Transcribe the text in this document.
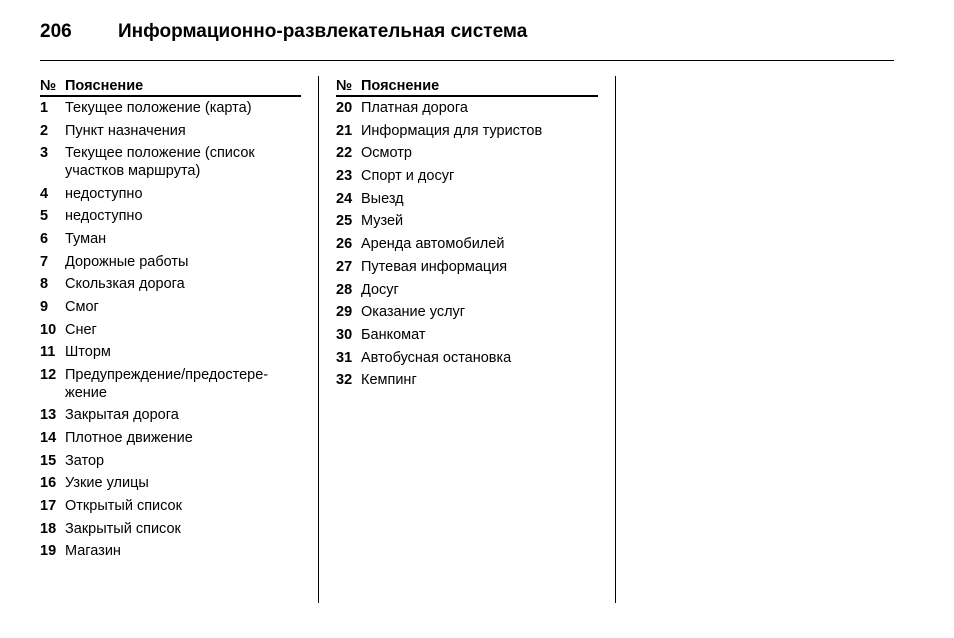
206	Информационно-развлекательная система
№ Пояснение
1	Текущее положение (карта)
2	Пункт назначения
3	Текущее положение (список участков маршрута)
4	недоступно
5	недоступно
6	Туман
7	Дорожные работы
8	Скользкая дорога
9	Смог
10 Снег
11 Шторм
12 Предупреждение/предостере-
жение
13 Закрытая дорога
14 Плотное движение
15 Затор
16 Узкие улицы
17 Открытый список
18 Закрытый список
19 Магазин
№ Пояснение
20 Платная дорога
21 Информация для туристов
22 Осмотр
23 Спорт и досуг
24 Выезд
25 Музей
26 Аренда автомобилей
27 Путевая информация
28 Досуг
29 Оказание услуг
30 Банкомат
31 Автобусная остановка
32 Кемпинг
